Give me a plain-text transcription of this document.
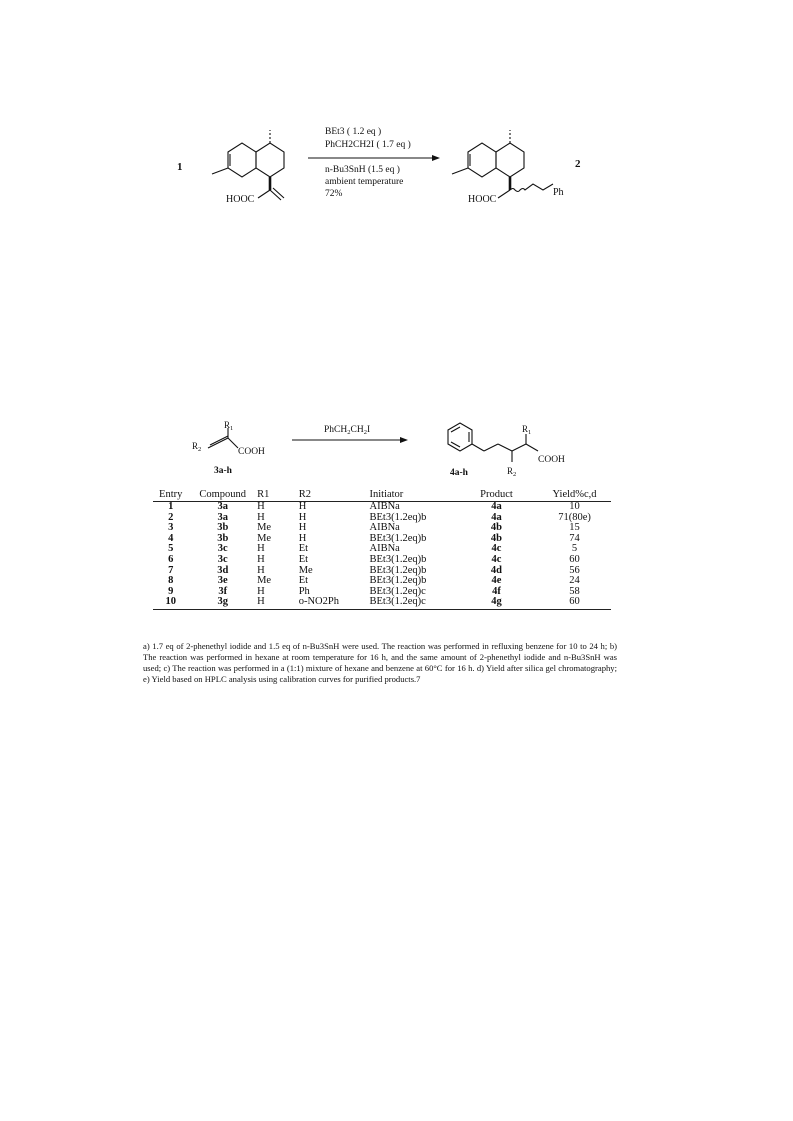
1
HOOC
BEt3 ( 1.2 eq )
PhCH2CH2I ( 1.7 eq )
n-Bu3SnH (1.5 eq )
ambient temperature
72%	HOOC
Ph
2
$R_1$
$R_2$	COOH
3a-h
$PhCH_2CH_2I$	$R_1$
$R_2$
COOH
4a-h
Entry	Compound	R1	R2	Initiator	Product	Yield%c,d
1	3a	H	H	AIBNa	4a	10
2	3a	H	H	BEt3(1.2eq)b	4a	71(80e)
3	3b	Me	H	AIBNa	4b	15
4	3b	Me	H	BEt3(1.2eq)b	4b	74
5	3c	H	Et	AIBNa	4c	5
6	3c	H	Et	BEt3(1.2eq)b	4c	60
7	3d	H	Me	BEt3(1.2eq)b	4d	56
8	3e	Me	Et	BEt3(1.2eq)b	4e	24
9	3f	H	Ph	BEt3(1.2eq)c	4f	58
10	3g	H	o-NO2Ph	BEt3(1.2eq)c	4g	60
a) 1.7 eq of 2-phenethyl iodide and 1.5 eq of n-Bu3SnH were used. The reaction was performed in refluxing benzene for 10 to 24 h; b) The reaction was performed in hexane at room temperature for 16 h, and the same amount of 2-phenethyl iodide and n-Bu3SnH was used; c) The reaction was performed in a (1:1) mixture of hexane and benzene at 60°C for 16 h. d) Yield after silica gel chromatography; e) Yield based on HPLC analysis using calibration curves for purified products.7
